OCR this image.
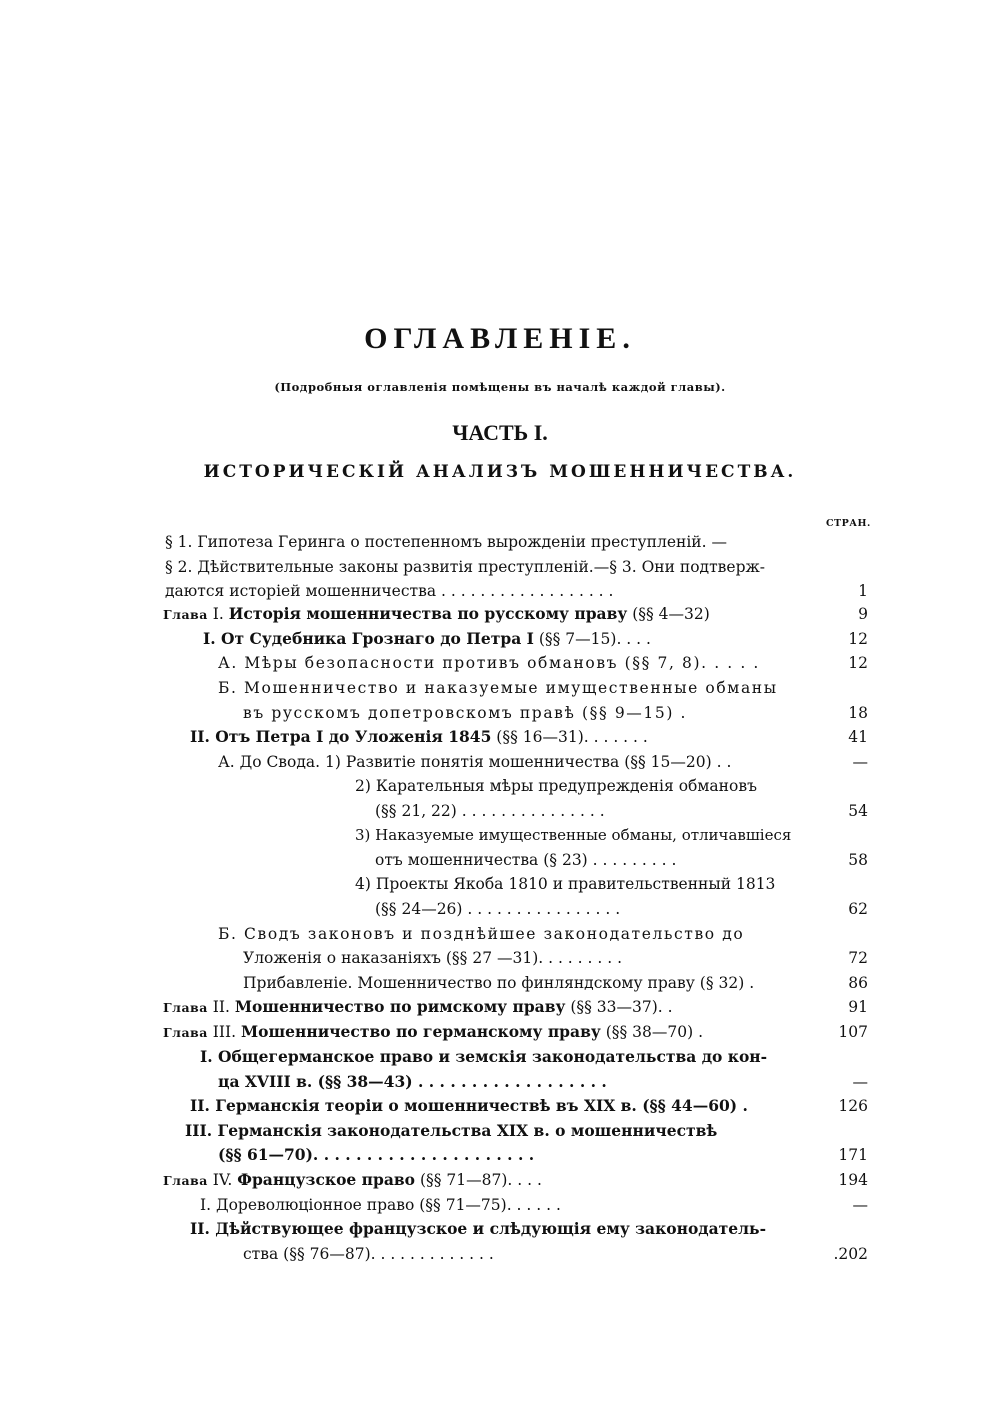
ОГЛАВЛЕНIЕ.
(Подробныя оглавленiя помѣщены въ началѣ каждой главы).
ЧАСТЬ I.
ИСТОРИЧЕСКIЙ АНАЛИЗЪ МОШЕННИЧЕСТВА.
СТРАН.
§ 1. Гипотеза Геринга о постепенномъ вырожденiи преступленiй. —
§ 2. Дѣйствительные законы развитiя преступленiй.—§ 3. Они подтверж-
даются исторiей мошенничества . . . . . . . . . . . . . . . . . .	1
Глава I. Исторiя мошенничества по русскому праву (§§ 4—32)	9
I. От Судебника Грознаго до Петра I (§§ 7—15). . . .	12
А. Мѣры безопасности противъ обмановъ (§§ 7, 8). . . . .	12
Б. Мошенничество и наказуемые имущественные обманы
въ русскомъ допетровскомъ правѣ (§§ 9—15) .	18
II. Отъ Петра I до Уложенiя 1845 (§§ 16—31). . . . . . .	41
А. До Свода. 1) Развитiе понятiя мошенничества (§§ 15—20) . .	—
2) Карательныя мѣры предупрежденiя обмановъ
(§§ 21, 22) . . . . . . . . . . . . . . .	54
3) Наказуемые имущественные обманы, отличавшiеся
отъ мошенничества (§ 23) . . . . . . . . .	58
4) Проекты Якоба 1810 и правительственный 1813
(§§ 24—26) . . . . . . . . . . . . . . . .	62
Б. Сводъ законовъ и позднѣйшее законодательство до
Уложенiя о наказанiяхъ (§§ 27 —31). . . . . . . . .	72
Прибавленiе. Мошенничество по финляндскому праву (§ 32) .	86
Глава II. Мошенничество по римскому праву (§§ 33—37). .	91
Глава III. Мошенничество по германскому праву (§§ 38—70) .	107
I. Общегерманское право и земскiя законодательства до кон-
ца XVIII в. (§§ 38—43) . . . . . . . . . . . . . . . . . .	—
II. Германскiя теорiи о мошенничествѣ въ XIX в. (§§ 44—60) .	126
III. Германскiя законодательства XIX в. о мошенничествѣ
(§§ 61—70). . . . . . . . . . . . . . . . . . . . .	171
Глава IV. Французское право (§§ 71—87). . . .	194
I. Дореволюцiонное право (§§ 71—75). . . . . .	—
II. Дѣйствующее французское и слѣдующiя ему законодатель-
ства (§§ 76—87). . . . . . . . . . . . .	.202
